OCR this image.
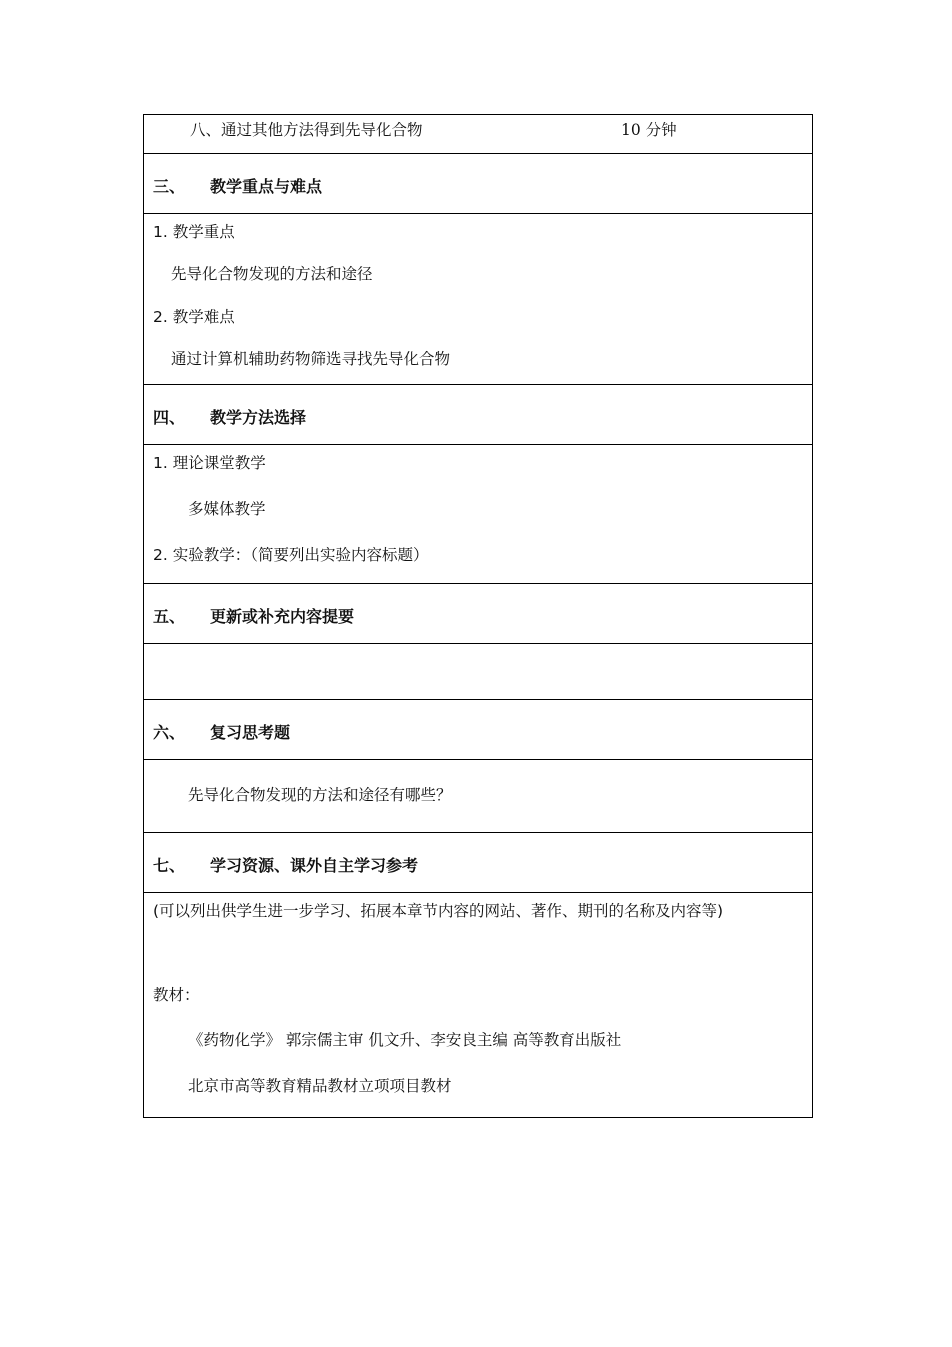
八、通过其他方法得到先导化合物	10 分钟
三、 教学重点与难点
1. 教学重点
先导化合物发现的方法和途径
2. 教学难点
通过计算机辅助药物筛选寻找先导化合物
四、 教学方法选择
1. 理论课堂教学
多媒体教学
2. 实验教学：（简要列出实验内容标题）
五、 更新或补充内容提要
六、 复习思考题
先导化合物发现的方法和途径有哪些？
七、 学习资源、课外自主学习参考
(可以列出供学生进一步学习、拓展本章节内容的网站、著作、期刊的名称及内容等)
教材：
《药物化学》 郭宗儒主审 仉文升、李安良主编 高等教育出版社
北京市高等教育精品教材立项项目教材
